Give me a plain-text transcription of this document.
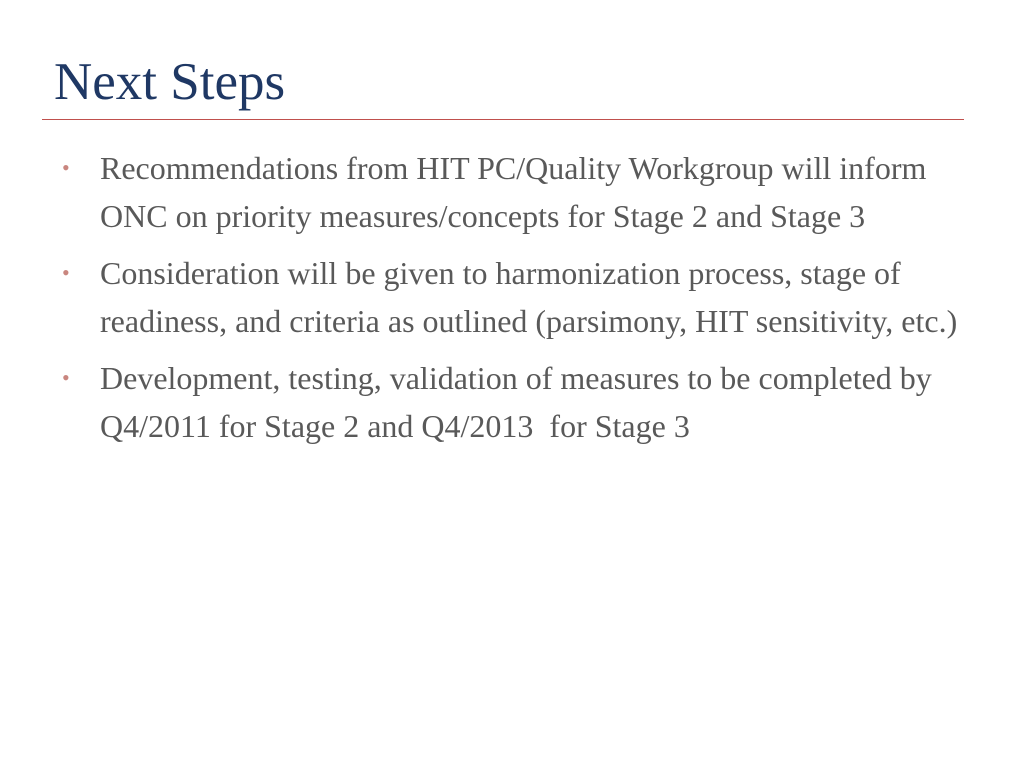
Next Steps
• Recommendations from HIT PC/Quality Workgroup will inform ONC on priority measures/concepts for Stage 2 and Stage 3
• Consideration will be given to harmonization process, stage of readiness, and criteria as outlined (parsimony, HIT sensitivity, etc.)
• Development, testing, validation of measures to be completed by Q4/2011 for Stage 2 and Q4/2013  for Stage 3
